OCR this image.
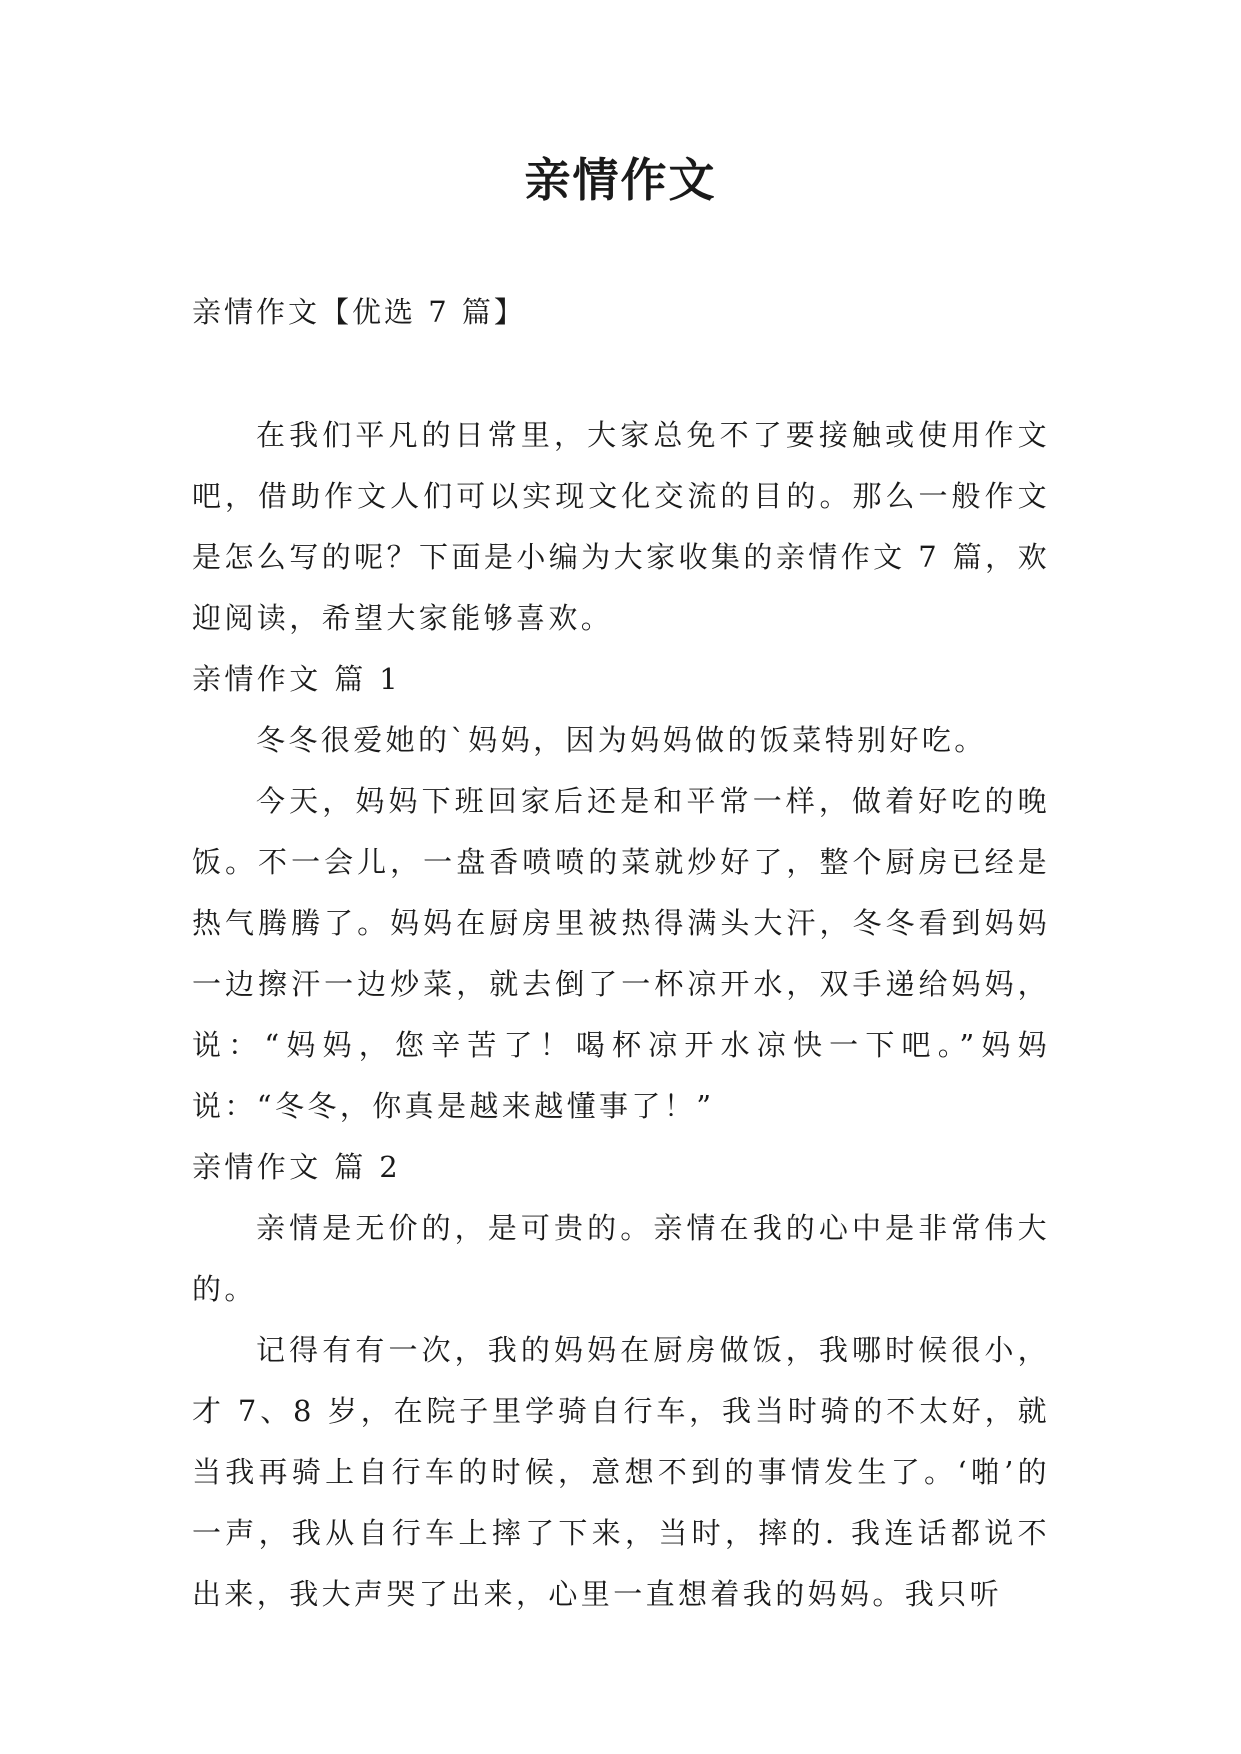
亲情作文

亲情作文【优选 7 篇】

在我们平凡的日常里，大家总免不了要接触或使用作文吧，借助作文人们可以实现文化交流的目的。那么一般作文是怎么写的呢？下面是小编为大家收集的亲情作文 7 篇，欢迎阅读，希望大家能够喜欢。

亲情作文 篇 1

冬冬很爱她的`妈妈，因为妈妈做的饭菜特别好吃。

今天，妈妈下班回家后还是和平常一样，做着好吃的晚饭。不一会儿，一盘香喷喷的菜就炒好了，整个厨房已经是热气腾腾了。妈妈在厨房里被热得满头大汗，冬冬看到妈妈一边擦汗一边炒菜，就去倒了一杯凉开水，双手递给妈妈，说：“妈妈，您辛苦了！喝杯凉开水凉快一下吧。”妈妈说：“冬冬，你真是越来越懂事了！”

亲情作文 篇 2

亲情是无价的，是可贵的。亲情在我的心中是非常伟大的。

记得有有一次，我的妈妈在厨房做饭，我哪时候很小，才 7、8 岁，在院子里学骑自行车，我当时骑的不太好，就当我再骑上自行车的时候，意想不到的事情发生了。‘啪’的一声，我从自行车上摔了下来，当时，摔的. 我连话都说不出来，我大声哭了出来，心里一直想着我的妈妈。我只听
